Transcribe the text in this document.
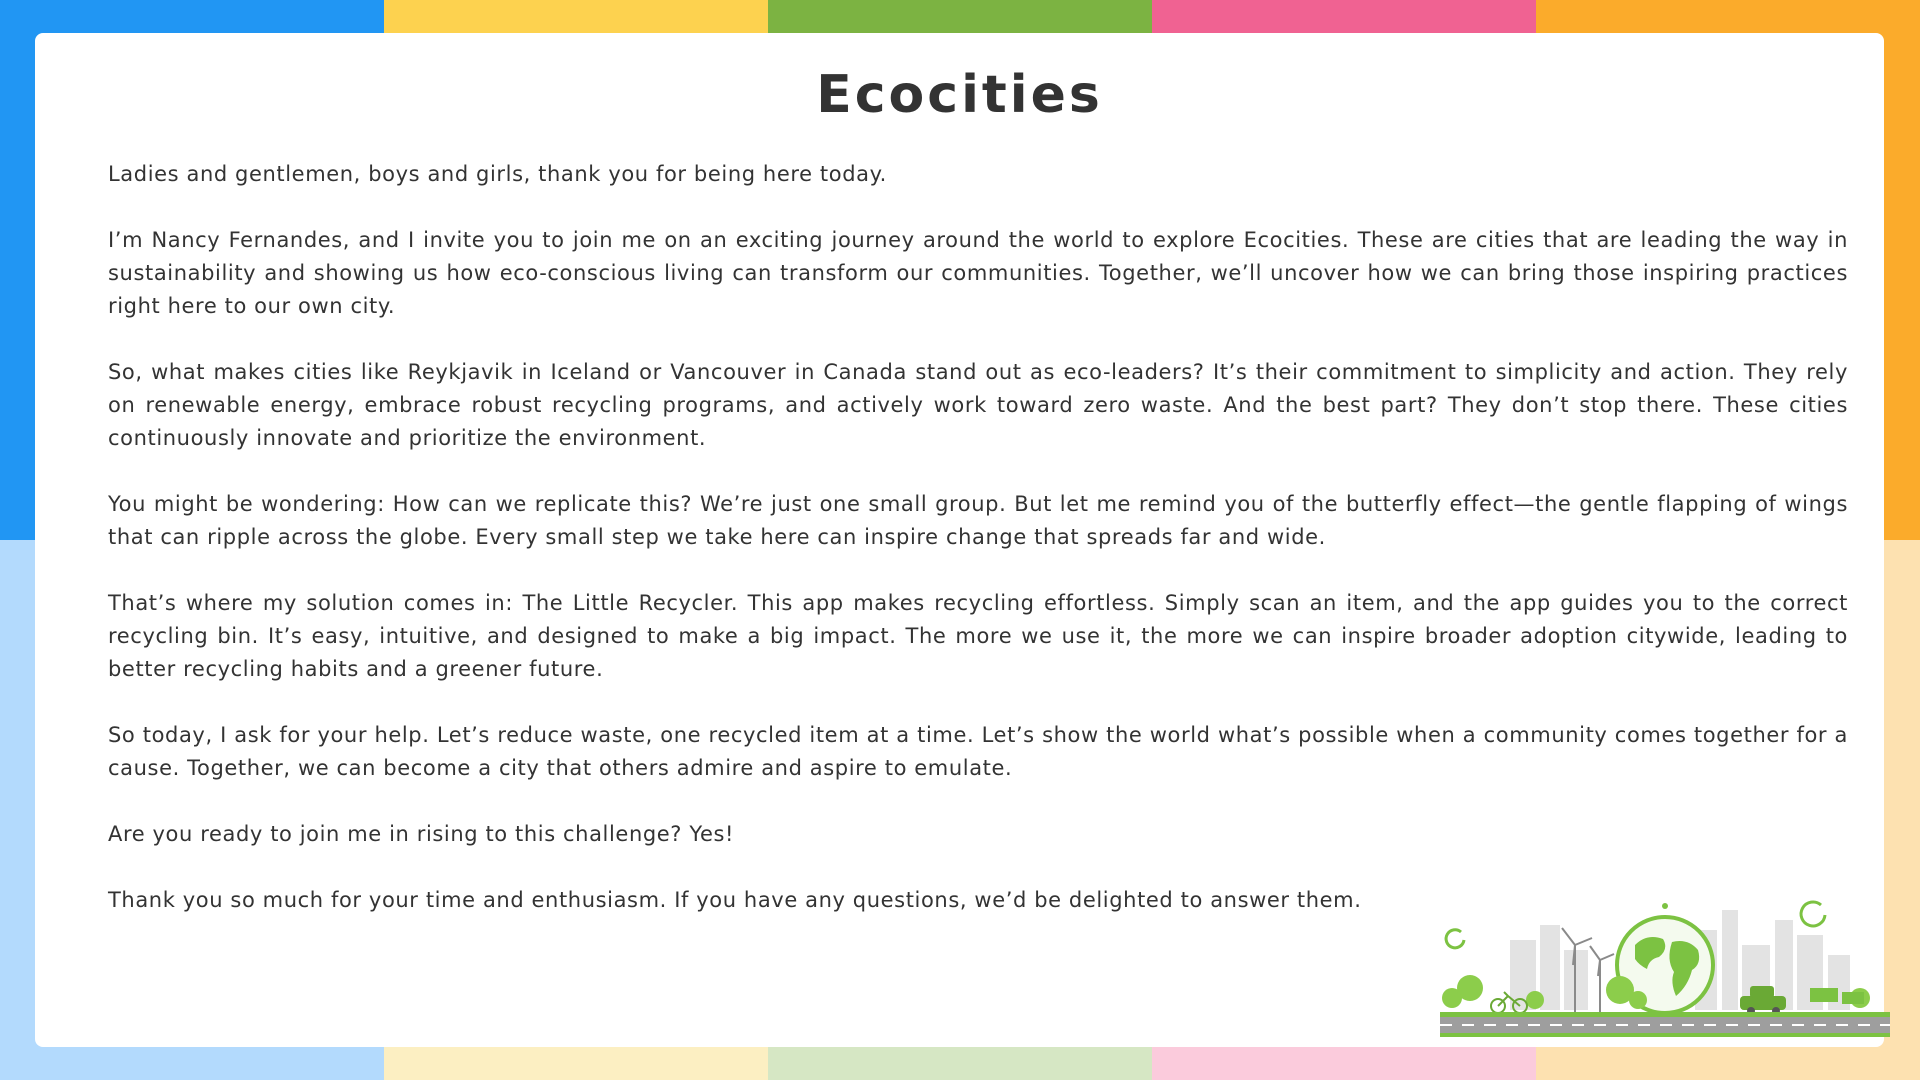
Ecocities

Ladies and gentlemen, boys and girls, thank you for being here today.

I’m Nancy Fernandes, and I invite you to join me on an exciting journey around the world to explore Ecocities. These are cities that are leading the way in sustainability and showing us how eco-conscious living can transform our communities. Together, we’ll uncover how we can bring those inspiring practices right here to our own city.

So, what makes cities like Reykjavik in Iceland or Vancouver in Canada stand out as eco-leaders? It’s their commitment to simplicity and action. They rely on renewable energy, embrace robust recycling programs, and actively work toward zero waste. And the best part? They don’t stop there. These cities continuously innovate and prioritize the environment.

You might be wondering: How can we replicate this? We’re just one small group. But let me remind you of the butterfly effect—the gentle flapping of wings that can ripple across the globe. Every small step we take here can inspire change that spreads far and wide.

That’s where my solution comes in: The Little Recycler. This app makes recycling effortless. Simply scan an item, and the app guides you to the correct recycling bin. It’s easy, intuitive, and designed to make a big impact. The more we use it, the more we can inspire broader adoption citywide, leading to better recycling habits and a greener future.

So today, I ask for your help. Let’s reduce waste, one recycled item at a time. Let’s show the world what’s possible when a community comes together for a cause. Together, we can become a city that others admire and aspire to emulate.

Are you ready to join me in rising to this challenge? Yes!

Thank you so much for your time and enthusiasm. If you have any questions, we’d be delighted to answer them.
